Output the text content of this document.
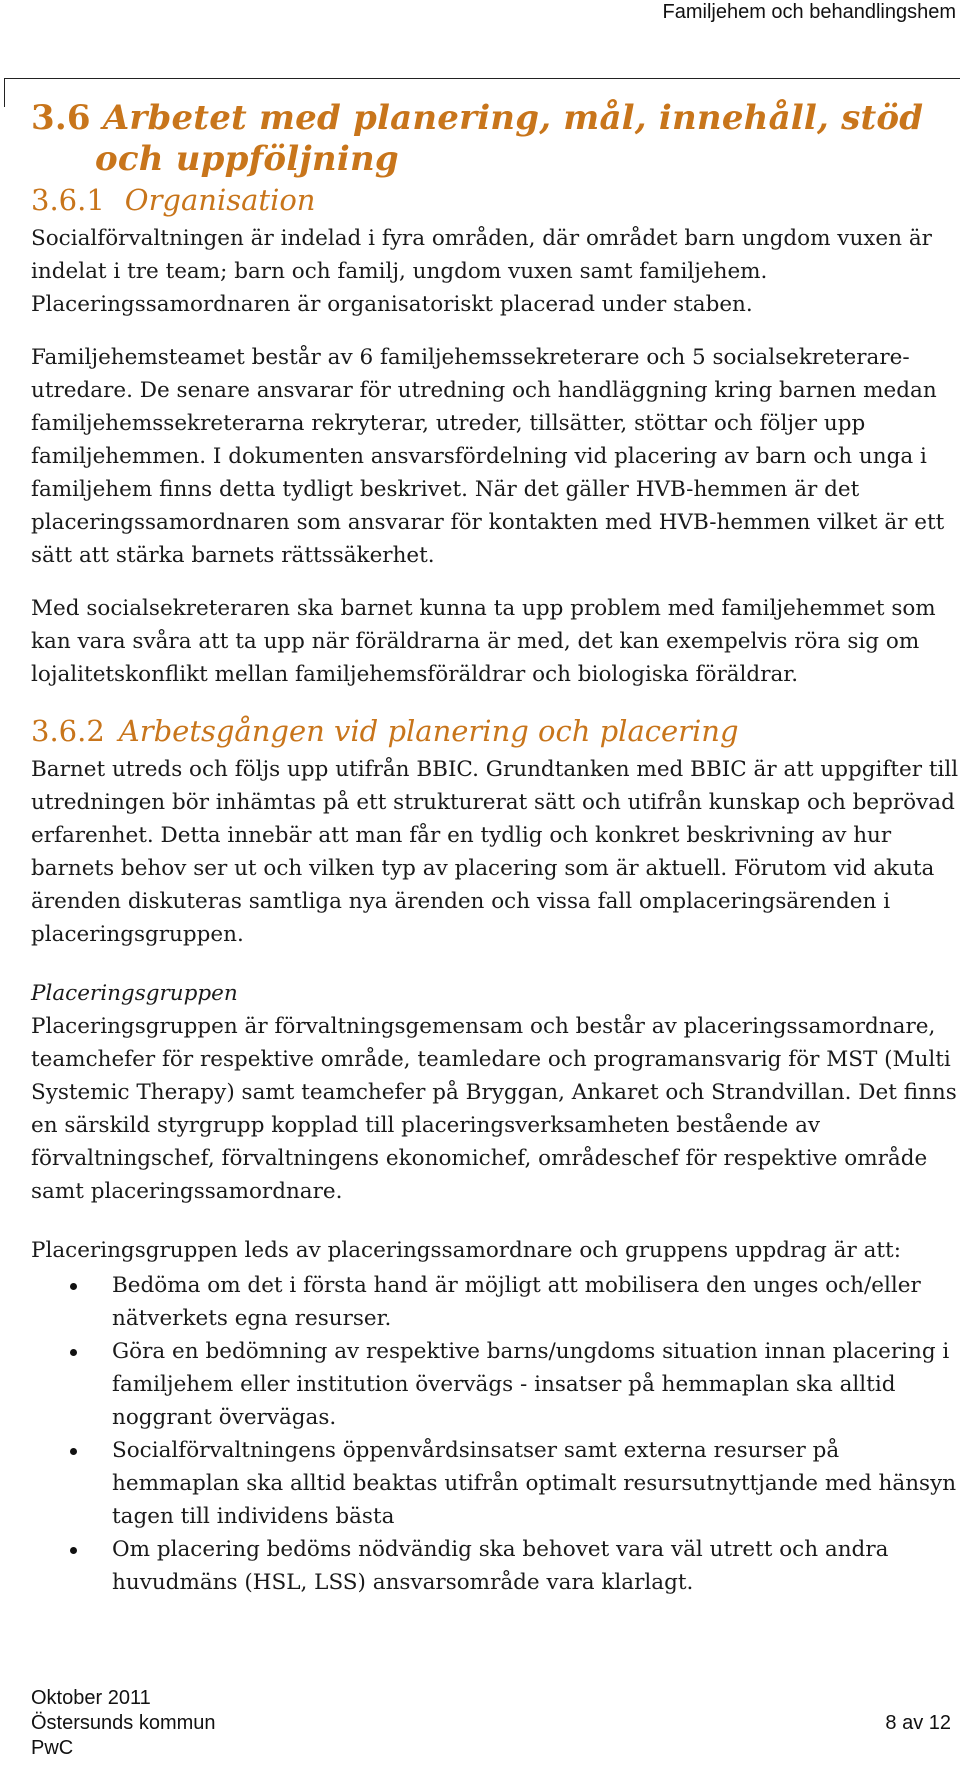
Familjehem och behandlingshem
3.6 Arbetet med planering, mål, innehåll, stöd
och uppföljning
3.6.1 Organisation

Socialförvaltningen är indelad i fyra områden, där området barn ungdom vuxen är indelat i tre team; barn och familj, ungdom vuxen samt familjehem. Placeringssamordnaren är organisatoriskt placerad under staben.

Familjehemsteamet består av 6 familjehemssekreterare och 5 socialsekreterare-utredare. De senare ansvarar för utredning och handläggning kring barnen medan familjehemssekreterarna rekryterar, utreder, tillsätter, stöttar och följer upp familjehemmen. I dokumenten ansvarsfördelning vid placering av barn och unga i familjehem finns detta tydligt beskrivet. När det gäller HVB-hemmen är det placeringssamordnaren som ansvarar för kontakten med HVB-hemmen vilket är ett sätt att stärka barnets rättssäkerhet.

Med socialsekreteraren ska barnet kunna ta upp problem med familjehemmet som kan vara svåra att ta upp när föräldrarna är med, det kan exempelvis röra sig om lojalitetskonflikt mellan familjehemsföräldrar och biologiska föräldrar.

3.6.2 Arbetsgången vid planering och placering

Barnet utreds och följs upp utifrån BBIC. Grundtanken med BBIC är att uppgifter till utredningen bör inhämtas på ett strukturerat sätt och utifrån kunskap och beprövad erfarenhet. Detta innebär att man får en tydlig och konkret beskrivning av hur barnets behov ser ut och vilken typ av placering som är aktuell. Förutom vid akuta ärenden diskuteras samtliga nya ärenden och vissa fall omplaceringsärenden i placeringsgruppen.

Placeringsgruppen

Placeringsgruppen är förvaltningsgemensam och består av placeringssamordnare, teamchefer för respektive område, teamledare och programansvarig för MST (Multi Systemic Therapy) samt teamchefer på Bryggan, Ankaret och Strandvillan. Det finns en särskild styrgrupp kopplad till placeringsverksamheten bestående av förvaltningschef, förvaltningens ekonomichef, områdeschef för respektive område samt placeringssamordnare.

Placeringsgruppen leds av placeringssamordnare och gruppens uppdrag är att:

Bedöma om det i första hand är möjligt att mobilisera den unges och/eller nätverkets egna resurser.
Göra en bedömning av respektive barns/ungdoms situation innan placering i familjehem eller institution övervägs - insatser på hemmaplan ska alltid noggrant övervägas.
Socialförvaltningens öppenvårdsinsatser samt externa resurser på hemmaplan ska alltid beaktas utifrån optimalt resursutnyttjande med hänsyn tagen till individens bästa
Om placering bedöms nödvändig ska behovet vara väl utrett och andra huvudmäns (HSL, LSS) ansvarsområde vara klarlagt.
Oktober 2011
Östersunds kommun
PwC
8 av 12
